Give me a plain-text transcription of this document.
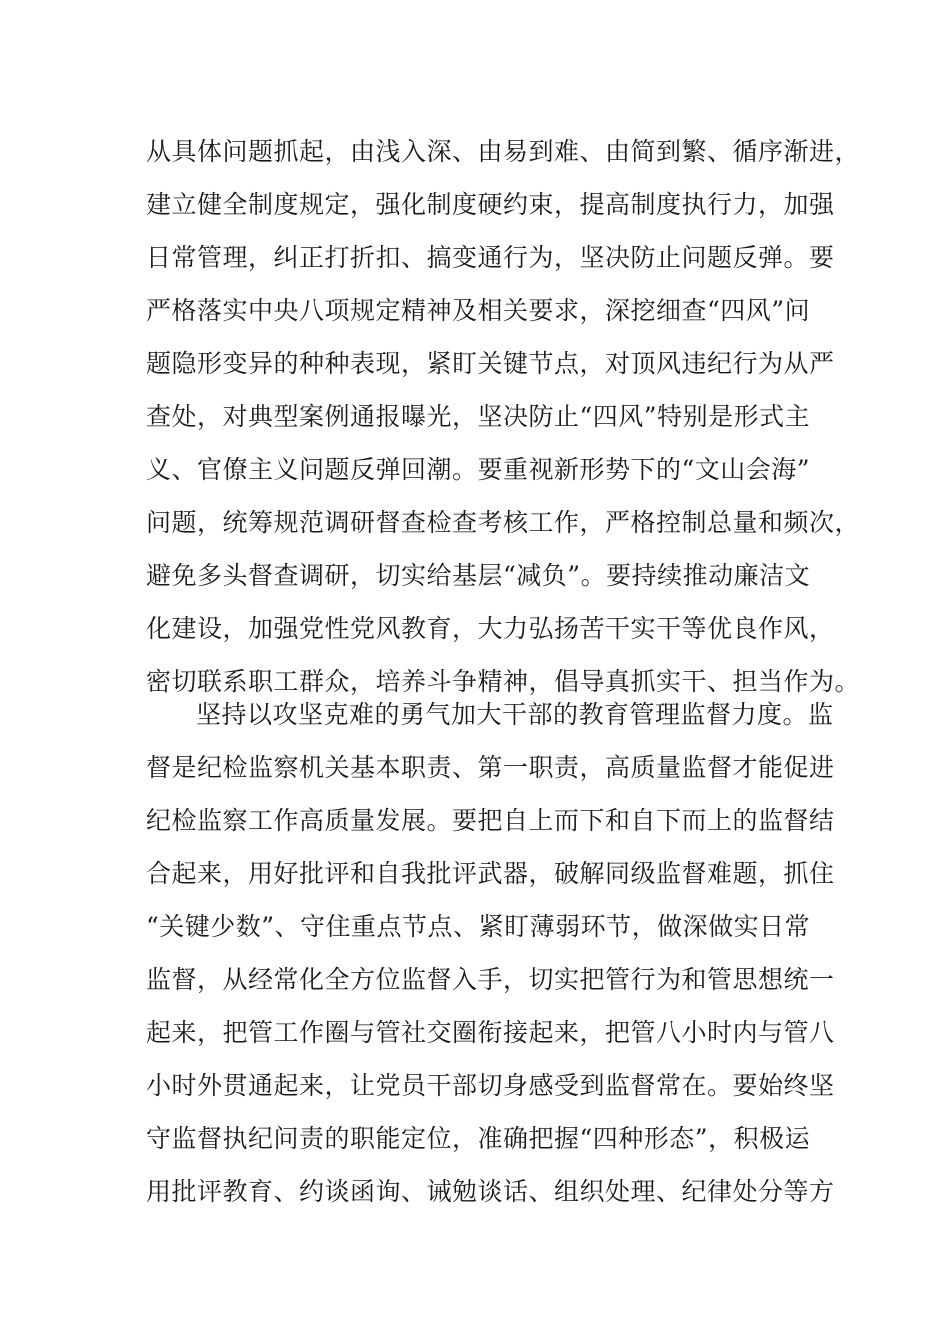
从具体问题抓起，由浅入深、由易到难、由简到繁、循序渐进，
建立健全制度规定，强化制度硬约束，提高制度执行力，加强
日常管理，纠正打折扣、搞变通行为，坚决防止问题反弹。要
严格落实中央八项规定精神及相关要求，深挖细查“四风”问
题隐形变异的种种表现，紧盯关键节点，对顶风违纪行为从严
查处，对典型案例通报曝光，坚决防止“四风”特别是形式主
义、官僚主义问题反弹回潮。要重视新形势下的“文山会海”
问题，统筹规范调研督查检查考核工作，严格控制总量和频次，
避免多头督查调研，切实给基层“减负”。要持续推动廉洁文
化建设，加强党性党风教育，大力弘扬苦干实干等优良作风，
密切联系职工群众，培养斗争精神，倡导真抓实干、担当作为。
坚持以攻坚克难的勇气加大干部的教育管理监督力度。监
督是纪检监察机关基本职责、第一职责，高质量监督才能促进
纪检监察工作高质量发展。要把自上而下和自下而上的监督结
合起来，用好批评和自我批评武器，破解同级监督难题，抓住
“关键少数”、守住重点节点、紧盯薄弱环节，做深做实日常
监督，从经常化全方位监督入手，切实把管行为和管思想统一
起来，把管工作圈与管社交圈衔接起来，把管八小时内与管八
小时外贯通起来，让党员干部切身感受到监督常在。要始终坚
守监督执纪问责的职能定位，准确把握“四种形态”，积极运
用批评教育、约谈函询、诫勉谈话、组织处理、纪律处分等方
